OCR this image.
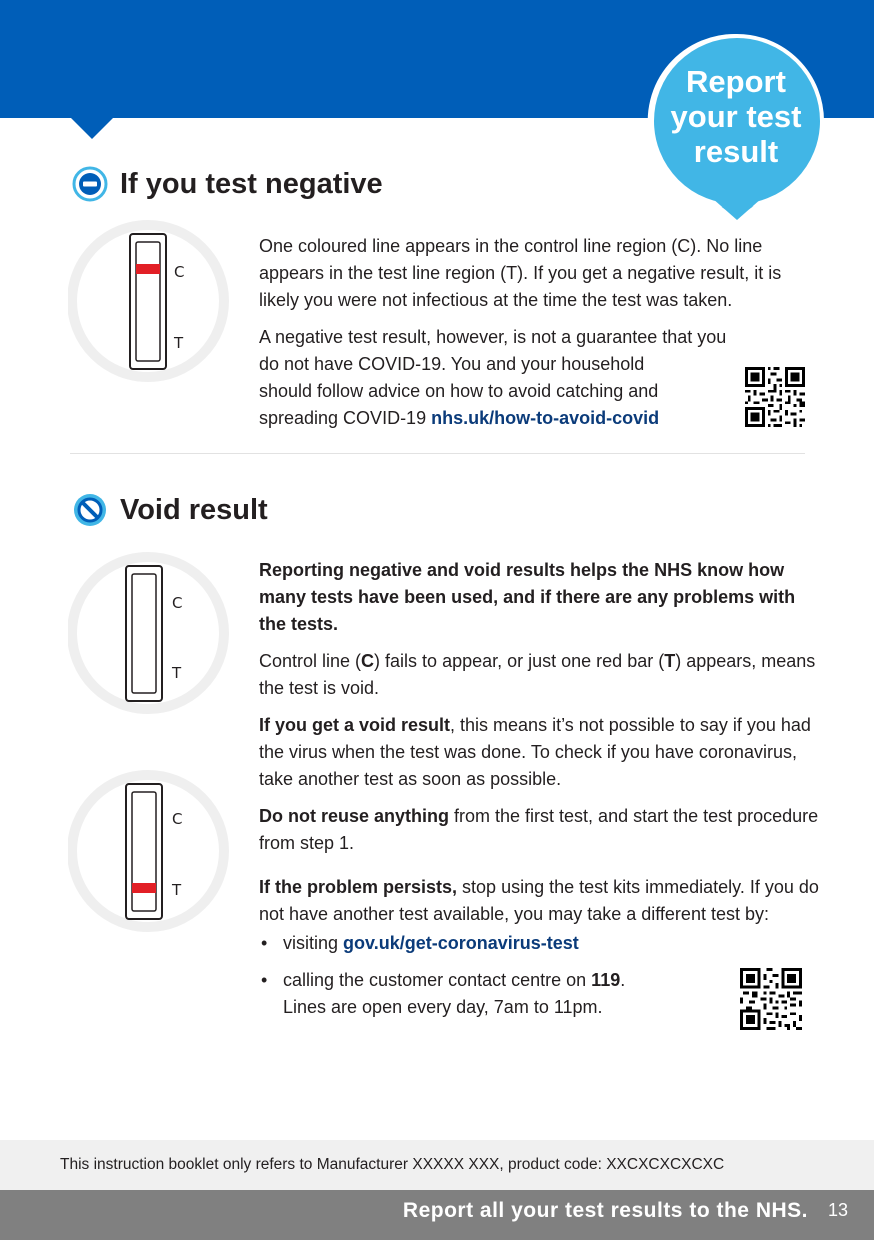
Report
your test
result
If you test negative
C
T

One coloured line appears in the control line region (C). No line appears in the test line region (T). If you get a negative result, it is likely you were not infectious at the time the test was taken.

A negative test result, however, is not a guarantee that you
do not have COVID-19. You and your household
should follow advice on how to avoid catching and
spreading COVID-19 nhs.uk/how-to-avoid-covid

Void result
C
T
C
T

Reporting negative and void results helps the NHS know how many tests have been used, and if there are any problems with the tests.

Control line (C) fails to appear, or just one red bar (T) appears, means the test is void.

If you get a void result, this means it’s not possible to say if you had the virus when the test was done. To check if you have coronavirus, take another test as soon as possible.

Do not reuse anything from the first test, and start the test procedure from step 1.

If the problem persists, stop using the test kits immediately. If you do not have another test available, you may take a different test by:

• visiting gov.uk/get-coronavirus-test
• calling the customer contact centre on 119.
Lines are open every day, 7am to 11pm.
This instruction booklet only refers to Manufacturer XXXXX XXX, product code: XXCXCXCXCXC
Report all your test results to the NHS. 13
